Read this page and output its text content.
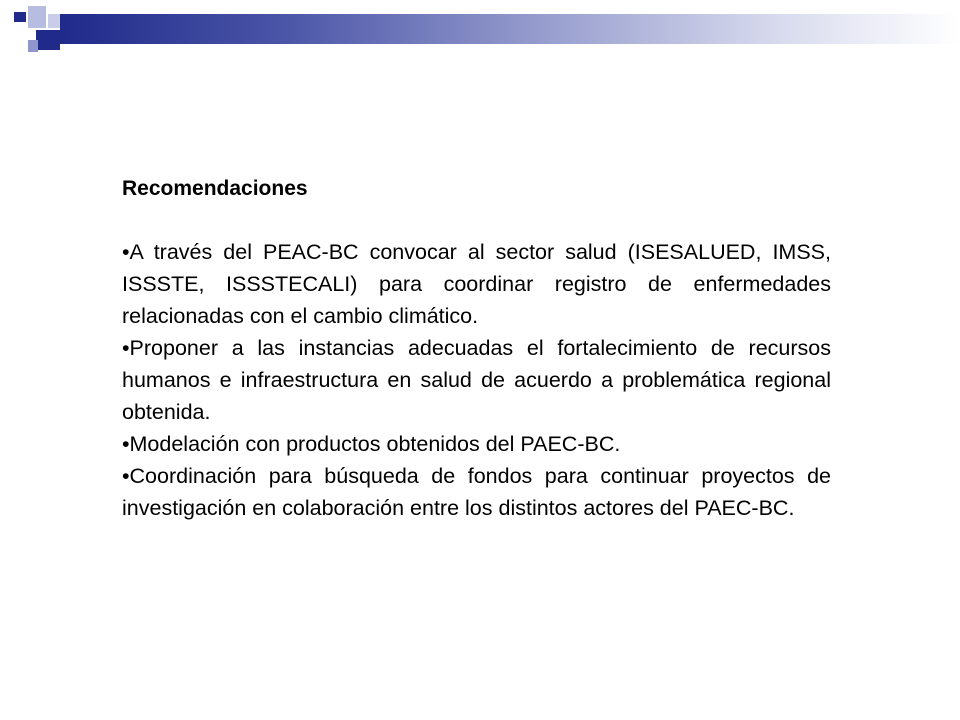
Recomendaciones

•A través del PEAC-BC convocar al sector salud (ISESALUED, IMSS, ISSSTE, ISSSTECALI) para coordinar registro de enfermedades relacionadas con el cambio climático.
•Proponer a las instancias adecuadas el fortalecimiento de recursos humanos e infraestructura en salud de acuerdo a problemática regional obtenida.
•Modelación con productos obtenidos del PAEC-BC.
•Coordinación para búsqueda de fondos para continuar proyectos de investigación en colaboración entre los distintos actores del PAEC-BC.
